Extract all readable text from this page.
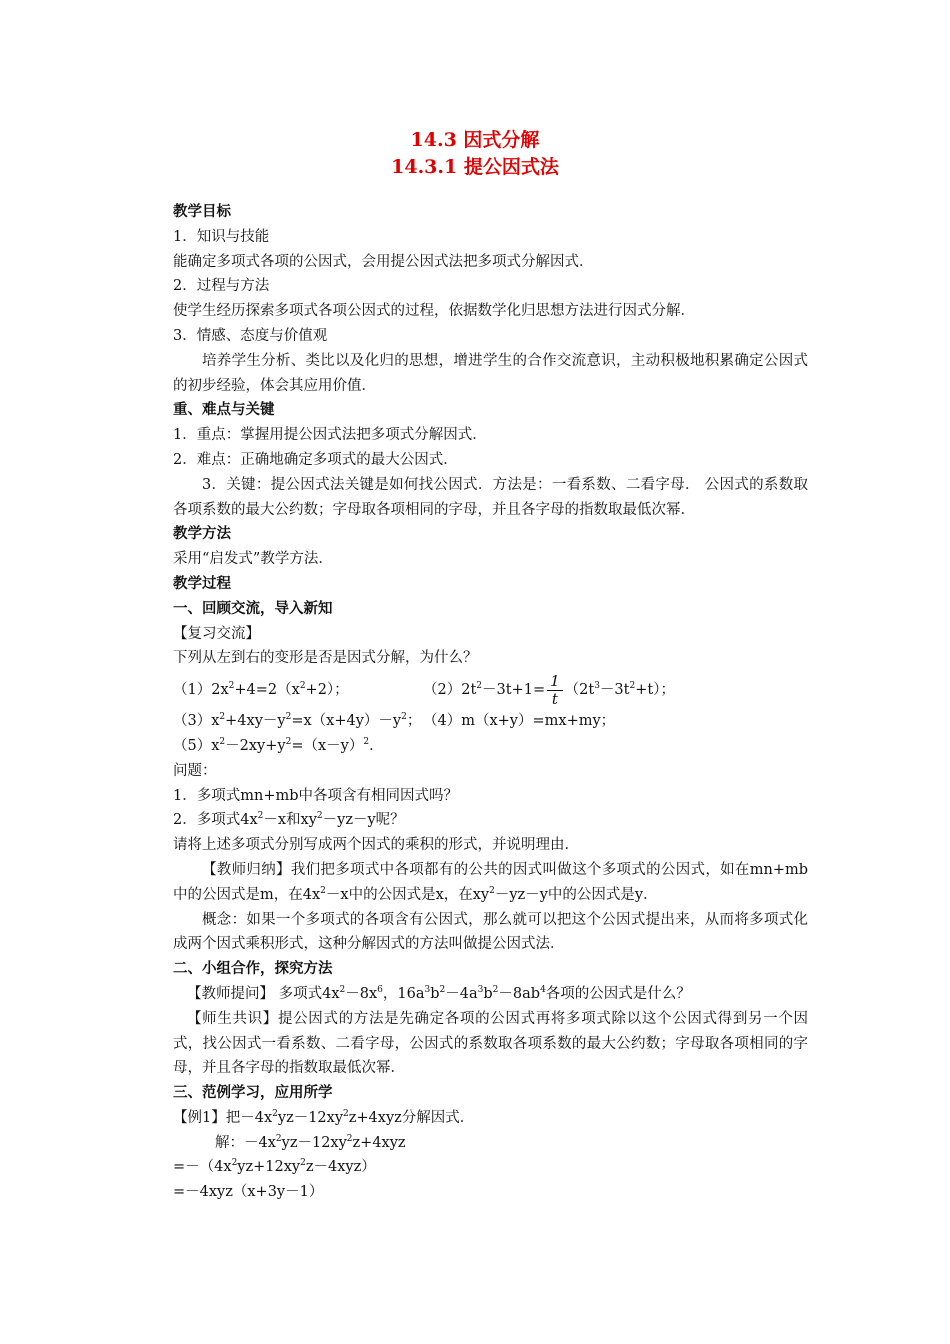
14.3 因式分解
14.3.1 提公因式法
教学目标
1．知识与技能
能确定多项式各项的公因式，会用提公因式法把多项式分解因式．
2．过程与方法
使学生经历探索多项式各项公因式的过程，依据数学化归思想方法进行因式分解．
3．情感、态度与价值观
培养学生分析、类比以及化归的思想，增进学生的合作交流意识，主动积极地积累确定公因式的初步经验，体会其应用价值．
重、难点与关键
1．重点：掌握用提公因式法把多项式分解因式．
2．难点：正确地确定多项式的最大公因式．
3．关键：提公因式法关键是如何找公因式．方法是：一看系数、二看字母． 公因式的系数取各项系数的最大公约数；字母取各项相同的字母，并且各字母的指数取最低次幂．
教学方法
采用“启发式”教学方法．
教学过程
一、回顾交流，导入新知
【复习交流】
下列从左到右的变形是否是因式分解，为什么？
$(1)2x^2+4=2(x^2+2)$；	$(2)2t^2-3t+1= \frac{1}{t} (2t^3-3t^2+t)$；
$(3)x^2+4xy-y^2=x(x+4y)-y^2$； （4）m（x+y）=mx+my；
$(5)x^2-2xy+y^2=(x-y)^2$．
问题：
1．多项式mn+mb中各项含有相同因式吗？
2．多项式$4x^2-x$和$xy^2-yz-y$呢？
请将上述多项式分别写成两个因式的乘积的形式，并说明理由．
【教师归纳】我们把多项式中各项都有的公共的因式叫做这个多项式的公因式，如在mn+mb中的公因式是m，在$4x^2-x$中的公因式是x，在$xy^2-yz-y$中的公因式是y．
概念：如果一个多项式的各项含有公因式，那么就可以把这个公因式提出来，从而将多项式化成两个因式乘积形式，这种分解因式的方法叫做提公因式法．
二、小组合作，探究方法
【教师提问】 多项式$4x^2-8x^6$，$16a^3b^2-4a^3b^2-8ab^4$各项的公因式是什么？
【师生共识】提公因式的方法是先确定各项的公因式再将多项式除以这个公因式得到另一个因式，找公因式一看系数、二看字母，公因式的系数取各项系数的最大公约数；字母取各项相同的字母，并且各字母的指数取最低次幂．
三、范例学习，应用所学
【例1】把$-4x^2yz-12xy^2z+4xyz$分解因式．
解：$-4x^2yz-12xy^2z+4xyz$
$=-(4x^2yz+12xy^2z-4xyz)$
=－4xyz（x+3y－1）
